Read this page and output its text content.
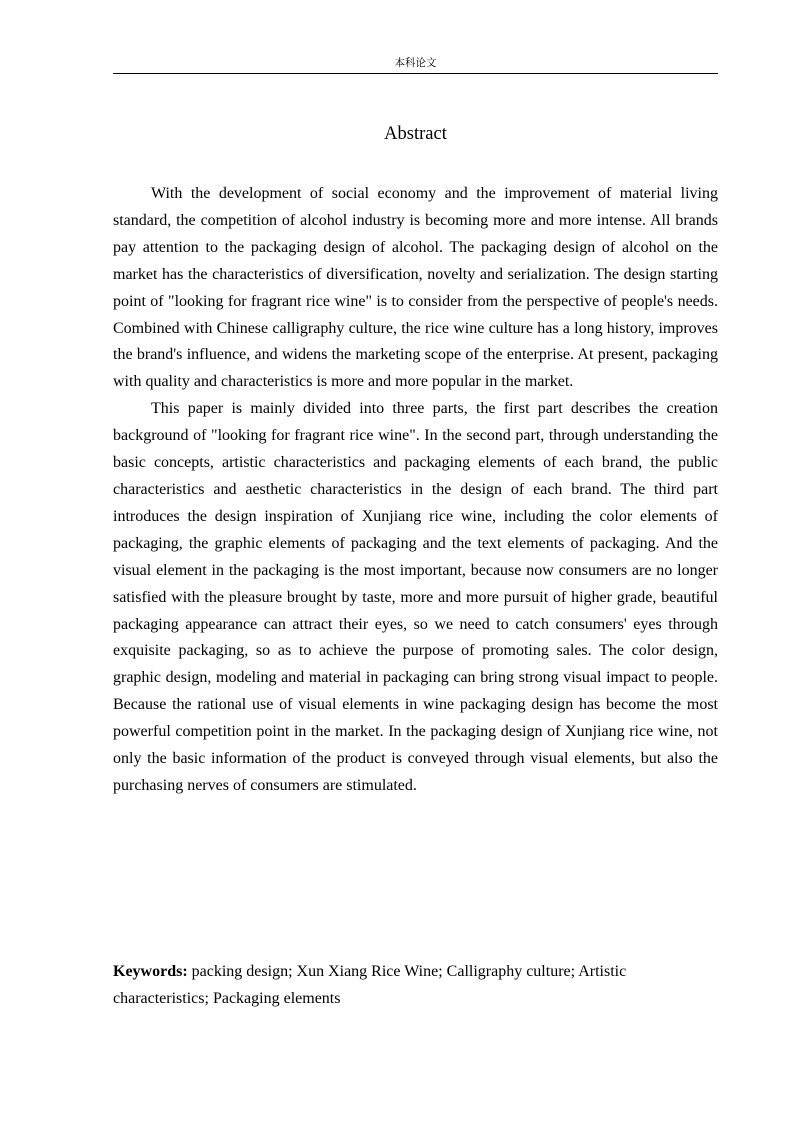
本科论文
Abstract

With the development of social economy and the improvement of material living standard, the competition of alcohol industry is becoming more and more intense. All brands pay attention to the packaging design of alcohol. The packaging design of alcohol on the market has the characteristics of diversification, novelty and serialization. The design starting point of "looking for fragrant rice wine" is to consider from the perspective of people's needs. Combined with Chinese calligraphy culture, the rice wine culture has a long history, improves the brand's influence, and widens the marketing scope of the enterprise. At present, packaging with quality and characteristics is more and more popular in the market.

This paper is mainly divided into three parts, the first part describes the creation background of "looking for fragrant rice wine". In the second part, through understanding the basic concepts, artistic characteristics and packaging elements of each brand, the public characteristics and aesthetic characteristics in the design of each brand. The third part introduces the design inspiration of Xunjiang rice wine, including the color elements of packaging, the graphic elements of packaging and the text elements of packaging. And the visual element in the packaging is the most important, because now consumers are no longer satisfied with the pleasure brought by taste, more and more pursuit of higher grade, beautiful packaging appearance can attract their eyes, so we need to catch consumers' eyes through exquisite packaging, so as to achieve the purpose of promoting sales. The color design, graphic design, modeling and material in packaging can bring strong visual impact to people. Because the rational use of visual elements in wine packaging design has become the most powerful competition point in the market. In the packaging design of Xunjiang rice wine, not only the basic information of the product is conveyed through visual elements, but also the purchasing nerves of consumers are stimulated.

Keywords: packing design; Xun Xiang Rice Wine; Calligraphy culture; Artistic characteristics; Packaging elements
